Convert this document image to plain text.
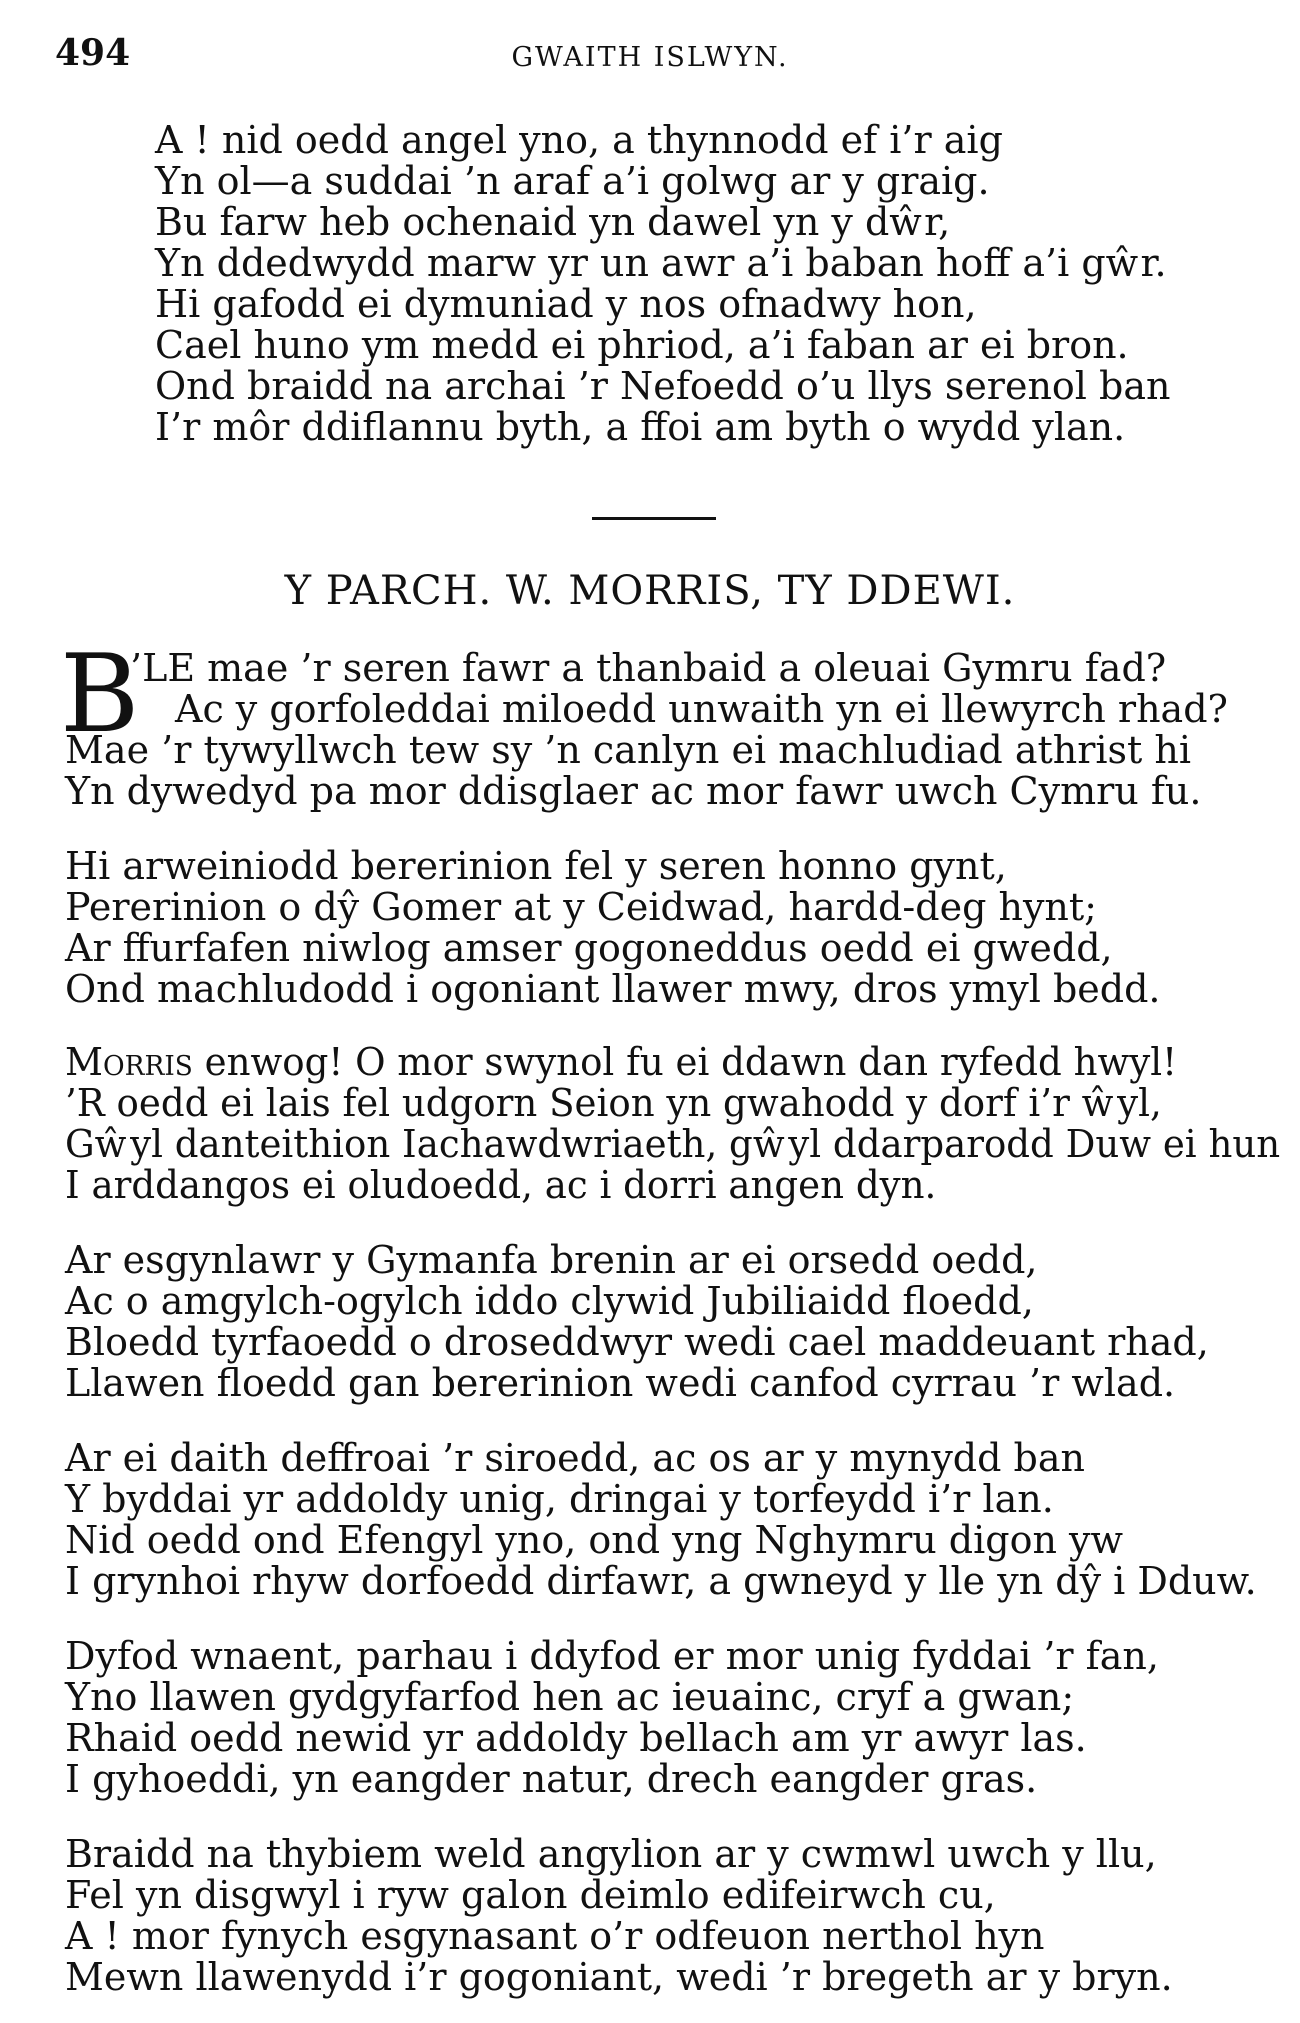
494	GWAITH ISLWYN.
A ! nid oedd angel yno, a thynnodd ef i’r aig
Yn ol—a suddai ’n araf a’i golwg ar y graig.
Bu farw heb ochenaid yn dawel yn y dŵr,
Yn ddedwydd marw yr un awr a’i baban hoff a’i gŵr.
Hi gafodd ei dymuniad y nos ofnadwy hon,
Cael huno ym medd ei phriod, a’i faban ar ei bron.
Ond braidd na archai ’r Nefoedd o’u llys serenol ban
I’r môr ddiflannu byth, a ffoi am byth o wydd ylan.
Y PARCH. W. MORRIS, TY DDEWI.
B
’LE mae ’r seren fawr a thanbaid a oleuai Gymru fad?
Ac y gorfoleddai miloedd unwaith yn ei llewyrch rhad?
Mae ’r tywyllwch tew sy ’n canlyn ei machludiad athrist hi
Yn dywedyd pa mor ddisglaer ac mor fawr uwch Cymru fu.
Hi arweiniodd bererinion fel y seren honno gynt,
Pererinion o dŷ Gomer at y Ceidwad, hardd-deg hynt;
Ar ffurfafen niwlog amser gogoneddus oedd ei gwedd,
Ond machludodd i ogoniant llawer mwy, dros ymyl bedd.
Morris enwog! O mor swynol fu ei ddawn dan ryfedd hwyl!
’R oedd ei lais fel udgorn Seion yn gwahodd y dorf i’r ŵyl,
Gŵyl danteithion Iachawdwriaeth, gŵyl ddarparodd Duw ei hun
I arddangos ei oludoedd, ac i dorri angen dyn.
Ar esgynlawr y Gymanfa brenin ar ei orsedd oedd,
Ac o amgylch-ogylch iddo clywid Jubiliaidd floedd,
Bloedd tyrfaoedd o droseddwyr wedi cael maddeuant rhad,
Llawen floedd gan bererinion wedi canfod cyrrau ’r wlad.
Ar ei daith deffroai ’r siroedd, ac os ar y mynydd ban
Y byddai yr addoldy unig, dringai y torfeydd i’r lan.
Nid oedd ond Efengyl yno, ond yng Nghymru digon yw
I grynhoi rhyw dorfoedd dirfawr, a gwneyd y lle yn dŷ i Dduw.
Dyfod wnaent, parhau i ddyfod er mor unig fyddai ’r fan,
Yno llawen gydgyfarfod hen ac ieuainc, cryf a gwan;
Rhaid oedd newid yr addoldy bellach am yr awyr las.
I gyhoeddi, yn eangder natur, drech eangder gras.
Braidd na thybiem weld angylion ar y cwmwl uwch y llu,
Fel yn disgwyl i ryw galon deimlo edifeirwch cu,
A ! mor fynych esgynasant o’r odfeuon nerthol hyn
Mewn llawenydd i’r gogoniant, wedi ’r bregeth ar y bryn.
